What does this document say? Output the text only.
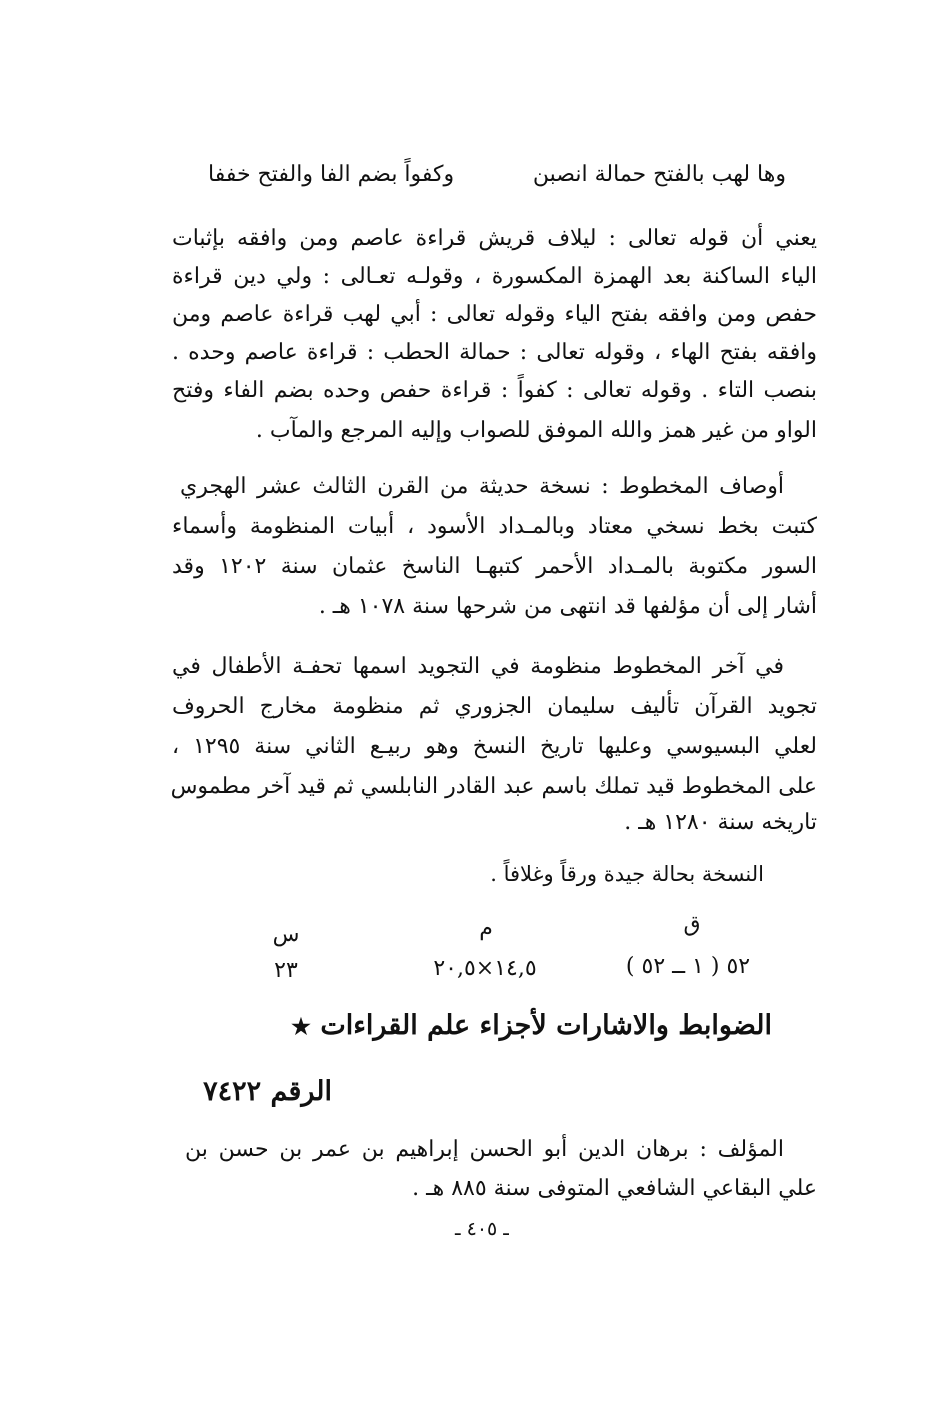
وها لهب بالفتح حمالة انصبن
وكفواً بضم الفا والفتح خففا
يعني أن قوله تعالى : ليلاف قريش قراءة عاصم ومن وافقه بإثبات
الياء الساكنة بعد الهمزة المكسورة ، وقولـه تعـالى : ولي دين قراءة
حفص ومن وافقه بفتح الياء وقوله تعالى : أبي لهب قراءة عاصم ومن
وافقه بفتح الهاء ، وقوله تعالى : حمالة الحطب : قراءة عاصم وحده .
بنصب التاء . وقوله تعالى : كفواً : قراءة حفص وحده بضم الفاء وفتح
الواو من غير همز والله الموفق للصواب وإليه المرجع والمآب .
أوصاف المخطوط : نسخة حديثة من القرن الثالث عشر الهجري
كتبت بخط نسخي معتاد وبالمـداد الأسود ، أبيات المنظومة وأسماء
السور مكتوبة بالمـداد الأحمر كتبهـا الناسخ عثمان سنة ١٢٠٢ وقد
أشار إلى أن مؤلفها قد انتهى من شرحها سنة ١٠٧٨ هـ .
في آخر المخطوط منظومة في التجويد اسمها تحفـة الأطفال في
تجويد القرآن تأليف سليمان الجزوري ثم منظومة مخارج الحروف
لعلي البسيوسي وعليها تاريخ النسخ وهو ربيـع الثاني سنة ١٢٩٥ ،
على المخطوط قيد تملك باسم عبد القادر النابلسي ثم قيد آخر مطموس
تاريخه سنة ١٢٨٠ هـ .
النسخة بحالة جيدة ورقاً وغلافاً .
ق
م
س
٥٢ ( ١ ــ ٥٢ )
١٤,٥×٢٠,٥
٢٣
الضوابط والاشارات لأجزاء علم القراءات ★
الرقم ٧٤٢٢
المؤلف : برهان الدين أبو الحسن إبراهيم بن عمر بن حسن بن
علي البقاعي الشافعي المتوفى سنة ٨٨٥ هـ .
ـ ٤٠٥ ـ
